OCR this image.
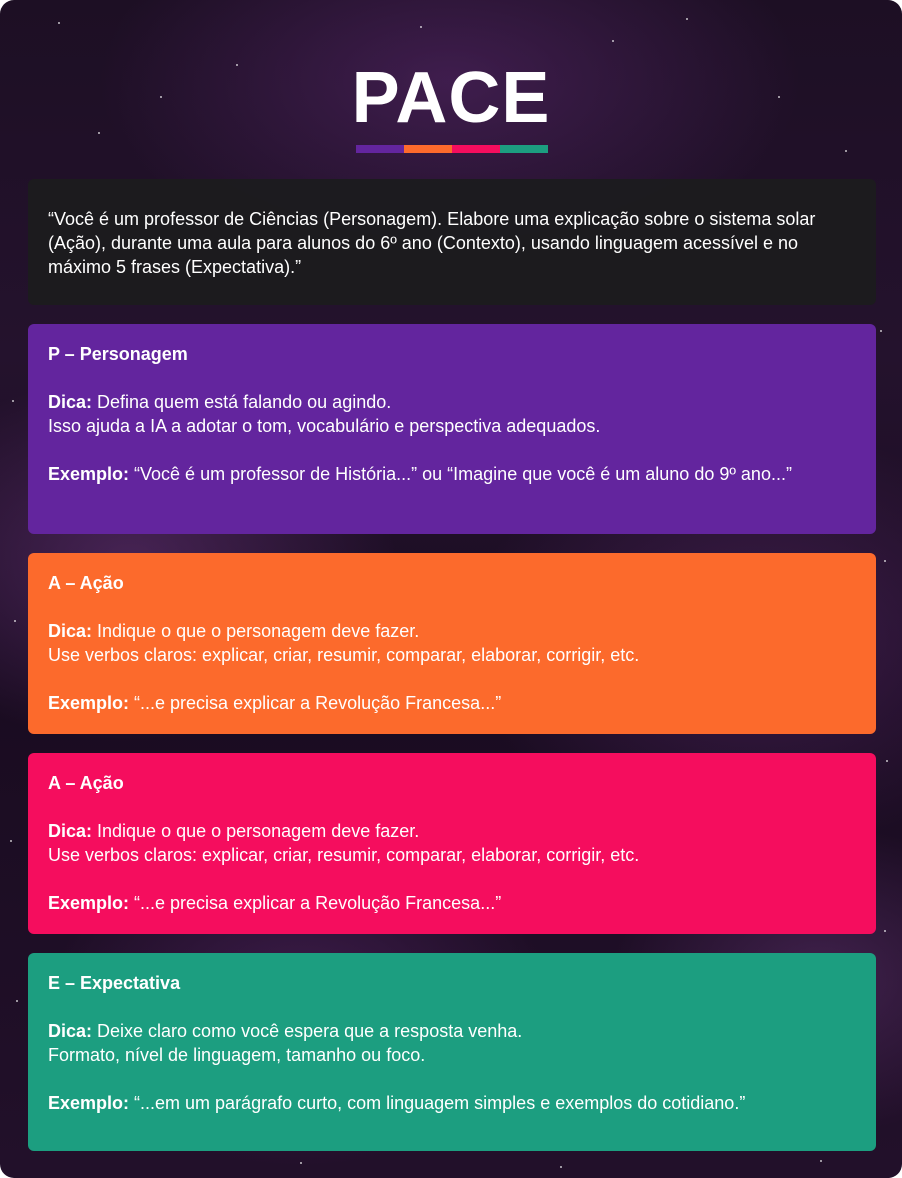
PACE

“Você é um professor de Ciências (Personagem). Elabore uma explicação sobre o sistema solar (Ação), durante uma aula para alunos do 6º ano (Contexto), usando linguagem acessível e no máximo 5 frases (Expectativa).”

P – Personagem

Dica: Defina quem está falando ou agindo.

Isso ajuda a IA a adotar o tom, vocabulário e perspectiva adequados.

Exemplo: “Você é um professor de História...” ou “Imagine que você é um aluno do 9º ano...”

A – Ação

Dica: Indique o que o personagem deve fazer.

Use verbos claros: explicar, criar, resumir, comparar, elaborar, corrigir, etc.

Exemplo: “...e precisa explicar a Revolução Francesa...”

A – Ação

Dica: Indique o que o personagem deve fazer.

Use verbos claros: explicar, criar, resumir, comparar, elaborar, corrigir, etc.

Exemplo: “...e precisa explicar a Revolução Francesa...”

E – Expectativa

Dica: Deixe claro como você espera que a resposta venha.

Formato, nível de linguagem, tamanho ou foco.

Exemplo: “...em um parágrafo curto, com linguagem simples e exemplos do cotidiano.”
